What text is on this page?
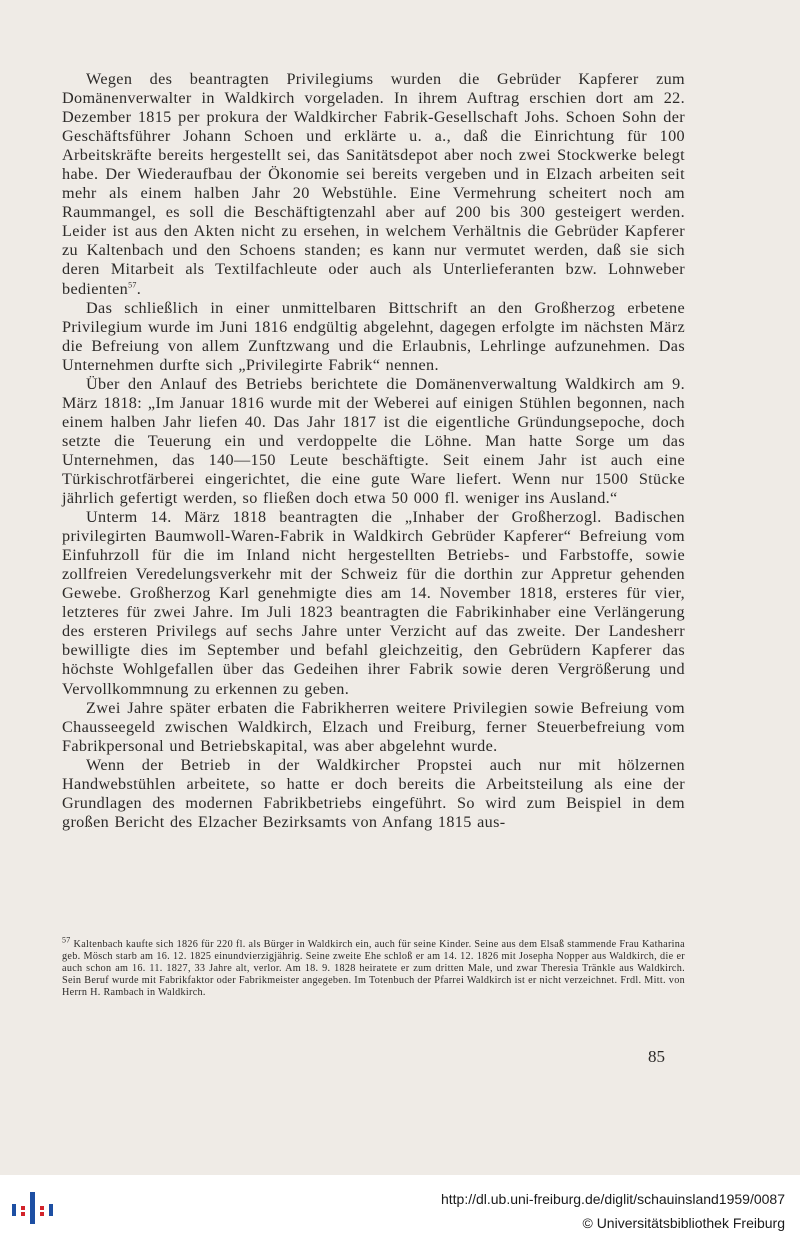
Wegen des beantragten Privilegiums wurden die Gebrüder Kapferer zum Domänenverwalter in Waldkirch vorgeladen. In ihrem Auftrag erschien dort am 22. Dezember 1815 per prokura der Waldkircher Fabrik-Gesellschaft Johs. Schoen Sohn der Geschäftsführer Johann Schoen und erklärte u. a., daß die Einrichtung für 100 Arbeitskräfte bereits hergestellt sei, das Sanitätsdepot aber noch zwei Stockwerke belegt habe. Der Wiederaufbau der Ökonomie sei bereits vergeben und in Elzach arbeiten seit mehr als einem halben Jahr 20 Webstühle. Eine Vermehrung scheitert noch am Raummangel, es soll die Beschäftigtenzahl aber auf 200 bis 300 gesteigert werden. Leider ist aus den Akten nicht zu ersehen, in welchem Verhältnis die Gebrüder Kapferer zu Kaltenbach und den Schoens standen; es kann nur vermutet werden, daß sie sich deren Mitarbeit als Textilfachleute oder auch als Unterlieferanten bzw. Lohnweber bedienten$^{57}$.

Das schließlich in einer unmittelbaren Bittschrift an den Großherzog erbetene Privilegium wurde im Juni 1816 endgültig abgelehnt, dagegen erfolgte im nächsten März die Befreiung von allem Zunftzwang und die Erlaubnis, Lehrlinge aufzunehmen. Das Unternehmen durfte sich „Privilegirte Fabrik“ nennen.

Über den Anlauf des Betriebs berichtete die Domänenverwaltung Waldkirch am 9. März 1818: „Im Januar 1816 wurde mit der Weberei auf einigen Stühlen begonnen, nach einem halben Jahr liefen 40. Das Jahr 1817 ist die eigentliche Gründungsepoche, doch setzte die Teuerung ein und verdoppelte die Löhne. Man hatte Sorge um das Unternehmen, das 140—150 Leute beschäftigte. Seit einem Jahr ist auch eine Türkischrotfärberei eingerichtet, die eine gute Ware liefert. Wenn nur 1500 Stücke jährlich gefertigt werden, so fließen doch etwa 50 000 fl. weniger ins Ausland.“

Unterm 14. März 1818 beantragten die „Inhaber der Großherzogl. Badischen privilegirten Baumwoll-Waren-Fabrik in Waldkirch Gebrüder Kapferer“ Befreiung vom Einfuhrzoll für die im Inland nicht hergestellten Betriebs- und Farbstoffe, sowie zollfreien Veredelungsverkehr mit der Schweiz für die dorthin zur Appretur gehenden Gewebe. Großherzog Karl genehmigte dies am 14. November 1818, ersteres für vier, letzteres für zwei Jahre. Im Juli 1823 beantragten die Fabrikinhaber eine Verlängerung des ersteren Privilegs auf sechs Jahre unter Verzicht auf das zweite. Der Landesherr bewilligte dies im September und befahl gleichzeitig, den Gebrüdern Kapferer das höchste Wohlgefallen über das Gedeihen ihrer Fabrik sowie deren Vergrößerung und Vervollkommnung zu erkennen zu geben.

Zwei Jahre später erbaten die Fabrikherren weitere Privilegien sowie Befreiung vom Chausseegeld zwischen Waldkirch, Elzach und Freiburg, ferner Steuerbefreiung vom Fabrikpersonal und Betriebskapital, was aber abgelehnt wurde.

Wenn der Betrieb in der Waldkircher Propstei auch nur mit hölzernen Handwebstühlen arbeitete, so hatte er doch bereits die Arbeitsteilung als eine der Grundlagen des modernen Fabrikbetriebs eingeführt. So wird zum Beispiel in dem großen Bericht des Elzacher Bezirksamts von Anfang 1815 aus-

$^{57}$ Kaltenbach kaufte sich 1826 für 220 fl. als Bürger in Waldkirch ein, auch für seine Kinder. Seine aus dem Elsaß stammende Frau Katharina geb. Mösch starb am 16. 12. 1825 einundvierzigjährig. Seine zweite Ehe schloß er am 14. 12. 1826 mit Josepha Nopper aus Waldkirch, die er auch schon am 16. 11. 1827, 33 Jahre alt, verlor. Am 18. 9. 1828 heiratete er zum dritten Male, und zwar Theresia Tränkle aus Waldkirch. Sein Beruf wurde mit Fabrikfaktor oder Fabrikmeister angegeben. Im Totenbuch der Pfarrei Waldkirch ist er nicht verzeichnet. Frdl. Mitt. von Herrn H. Rambach in Waldkirch.
85
http://dl.ub.uni-freiburg.de/diglit/schauinsland1959/0087
© Universitätsbibliothek Freiburg
